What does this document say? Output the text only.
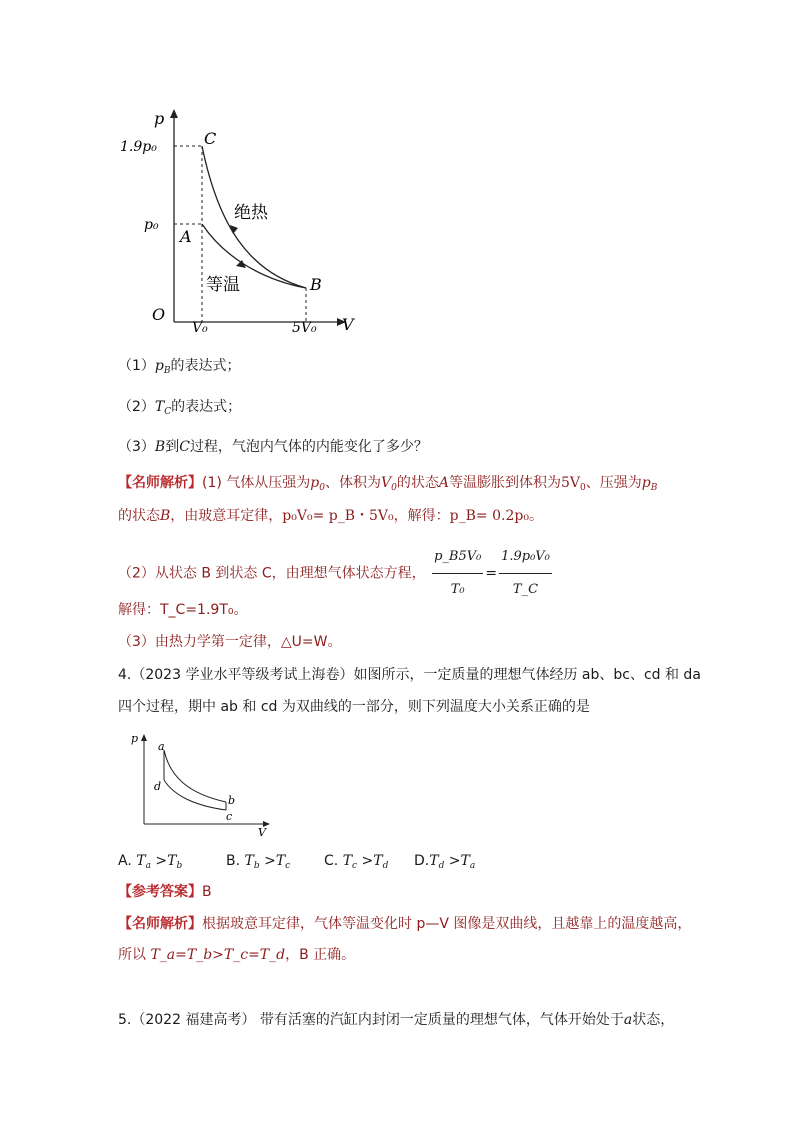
p
1.9p₀
p₀
C
A
B
绝热
等温
O
V₀	5V₀ V
$(1)p_B$的表达式；
$(2)T_C$的表达式；
（3）B到C过程，气泡内气体的内能变化了多少？
【名师解析】(1) 气体从压强为$p_0$、体积为$V_0$的状态A等温膨胀到体积为$5V_0$、压强为$p_B$
的状态B，由玻意耳定律，p₀V₀= p_B・5V₀，解得：p_B= 0.2p₀。
（2）从状态 B 到状态 C，由理想气体状态方程， $\frac{\text{p\_B5V₀}}{\text{T₀}} = \frac{\text{1.9p₀V₀}}{T\_C}$
解得：T_C=1.9T₀。
（3）由热力学第一定律，△U=W。
4.（2023 学业水平等级考试上海卷）如图所示，一定质量的理想气体经历 ab、bc、cd 和 da
四个过程，期中 ab 和 cd 为双曲线的一部分，则下列温度大小关系正确的是
p
a
d
b
c
V
A. $T_a >T_b$	B. $T_b >T_c$ C. $T_c >T_d$ $D.T_d >T_a$
【参考答案】B
【名师解析】根据玻意耳定律，气体等温变化时 p—V 图像是双曲线，且越靠上的温度越高，
所以 T_a=T_b>T_c=T_d，B 正确。
5.（2022 福建高考） 带有活塞的汽缸内封闭一定质量的理想气体，气体开始处于a状态，
